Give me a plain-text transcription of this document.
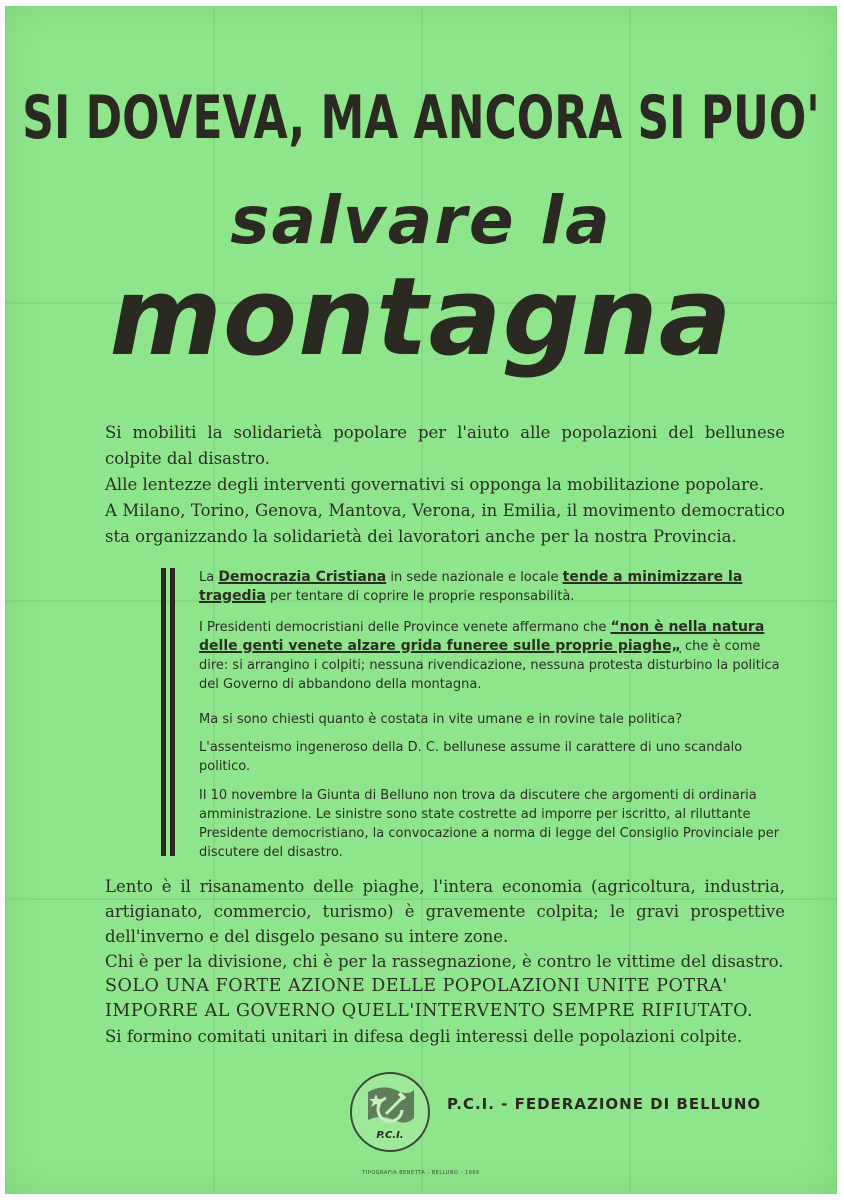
SI DOVEVA, MA ANCORA SI PUO'
salvare la
montagna

Si mobiliti la solidarietà popolare per l'aiuto alle popolazioni del bellunese colpite dal disastro.

Alle lentezze degli interventi governativi si opponga la mobilitazione popolare.

A Milano, Torino, Genova, Mantova, Verona, in Emilia, il movimento democratico sta organizzando la solidarietà dei lavoratori anche per la nostra Provincia.

La Democrazia Cristiana in sede nazionale e locale tende a minimizzare la tragedia per tentare di coprire le proprie responsabilità.

I Presidenti democristiani delle Province venete affermano che “non è nella natura delle genti venete alzare grida funeree sulle proprie piaghe„ che è come dire: si arrangino i colpiti; nessuna rivendicazione, nessuna protesta disturbino la politica del Governo di abbandono della montagna.

Ma si sono chiesti quanto è costata in vite umane e in rovine tale politica?

L'assenteismo ingeneroso della D. C. bellunese assume il carattere di uno scandalo politico.

Il 10 novembre la Giunta di Belluno non trova da discutere che argomenti di ordinaria amministrazione. Le sinistre sono state costrette ad imporre per iscritto, al riluttante Presidente democristiano, la convocazione a norma di legge del Consiglio Provinciale per discutere del disastro.

Lento è il risanamento delle piaghe, l'intera economia (agricoltura, industria, artigianato, commercio, turismo) è gravemente colpita; le gravi prospettive dell'inverno e del disgelo pesano su intere zone.

Chi è per la divisione, chi è per la rassegnazione, è contro le vittime del disastro.

SOLO UNA FORTE AZIONE DELLE POPOLAZIONI UNITE POTRA' IMPORRE AL GOVERNO QUELL'INTERVENTO SEMPRE RIFIUTATO.

Si formino comitati unitari in difesa degli interessi delle popolazioni colpite.

P.C.I.
P.C.I. - FEDERAZIONE DI BELLUNO
TIPOGRAFIA BENETTA - BELLUNO - 1966
